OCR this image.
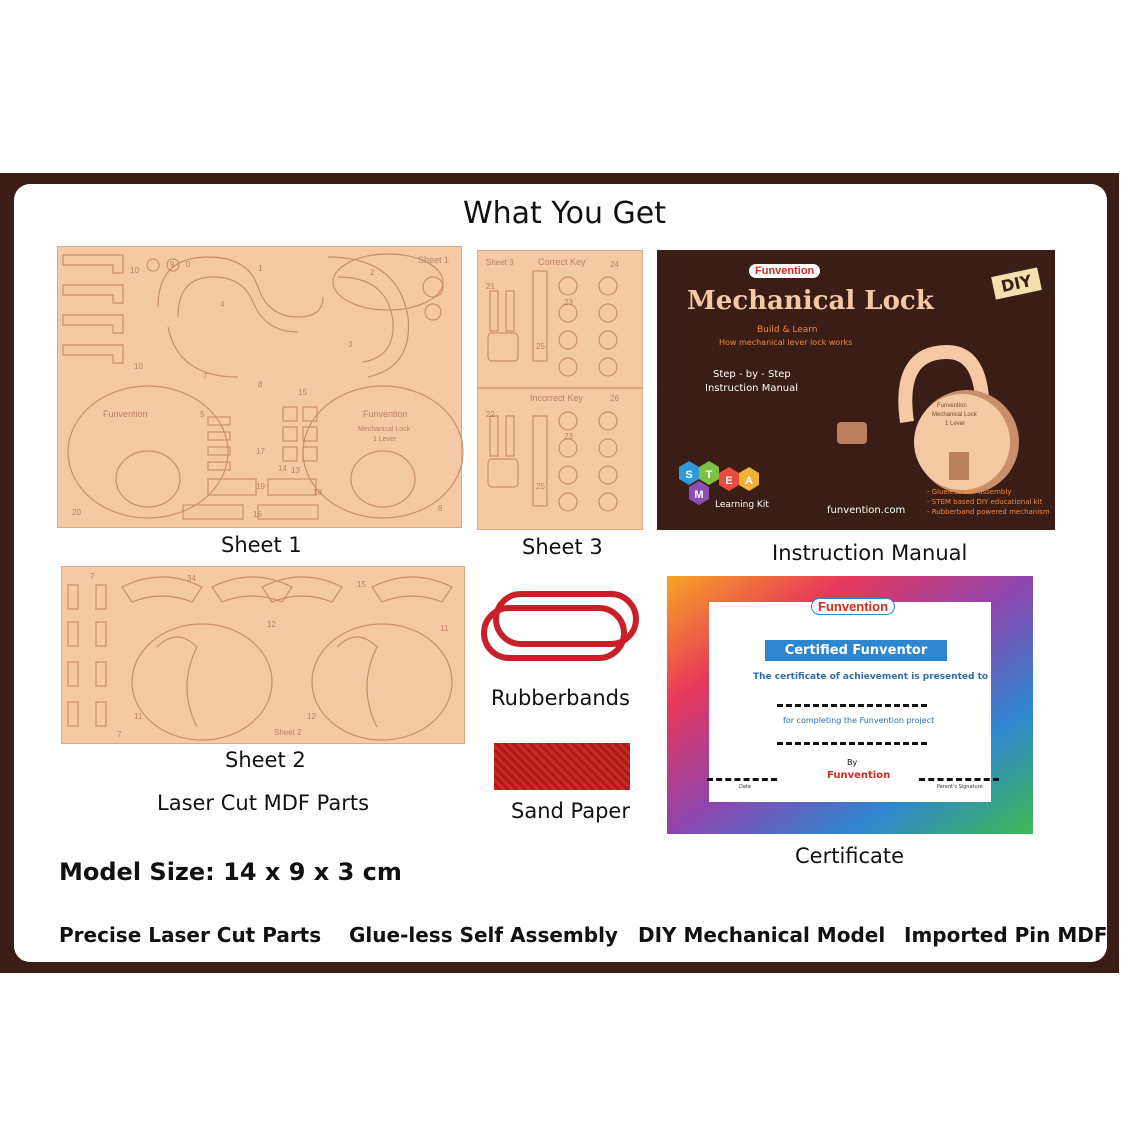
What You Get
Sheet 1
Funvention	Funvention
Mechanical Lock
1 Lever
10
9 0	1	2
3
4
10
7
8
6
5
17
14 13
19
16
18
20
15
Sheet 3	Correct Key
Incorrect Key
24
21
23
25
22
26
23
25
Funvention
Mechanical Lock
DIY
Build & Learn
How mechanical lever lock works
Step - by - Step
Instruction Manual
S T E A
M
Learning Kit	funvention.com
Funvention
Mechanical Lock
1 Lever
- Glueless self assembly
- STEM based DIY educational kit
- Rubberband powered mechanism
Sheet 1	Sheet 3	Instruction Manual
7	34
15
12	11
11	12
7	Sheet 2
Funvention
Certified Funventor
The certificate of achievement is presented to
for completing the Funvention project
By
Funvention
Date	Parent's Signature
Rubberbands
Sheet 2
Laser Cut MDF Parts	Sand Paper
Certificate
Model Size: 14 x 9 x 3 cm
Precise Laser Cut Parts Glue-less Self Assembly DIY Mechanical Model Imported Pin MDF
